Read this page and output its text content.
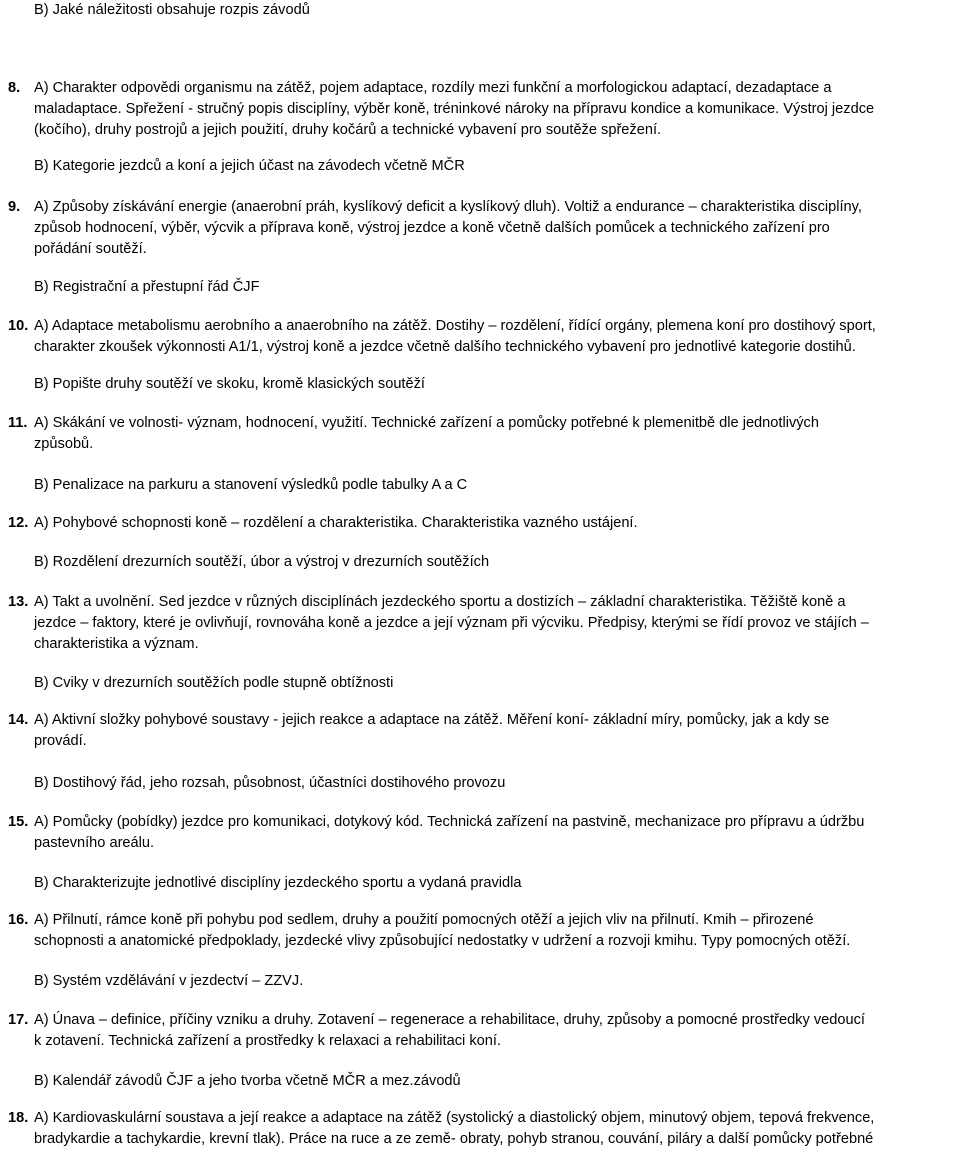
B) Jaké náležitosti obsahuje rozpis závodů
8. A) Charakter odpovědi organismu na zátěž, pojem adaptace, rozdíly mezi funkční a morfologickou adaptací, dezadaptace a

maladaptace. Spřežení - stručný popis disciplíny, výběr koně, tréninkové nároky na přípravu kondice a komunikace. Výstroj jezdce

(kočího), druhy postrojů a jejich použití, druhy kočárů a technické vybavení pro soutěže spřežení.

B) Kategorie jezdců a koní a jejich účast na závodech včetně MČR
9. A) Způsoby získávání energie (anaerobní práh, kyslíkový deficit a kyslíkový dluh). Voltiž a endurance – charakteristika disciplíny,

způsob hodnocení, výběr, výcvik a příprava koně, výstroj jezdce a koně včetně dalších pomůcek a technického zařízení pro

pořádání soutěží.

B) Registrační a přestupní řád ČJF
10. A) Adaptace metabolismu aerobního a anaerobního na zátěž. Dostihy – rozdělení, řídící orgány, plemena koní pro dostihový sport,

charakter zkoušek výkonnosti A1/1, výstroj koně a jezdce včetně dalšího technického vybavení pro jednotlivé kategorie dostihů.

B) Popište druhy soutěží ve skoku, kromě klasických soutěží
11. A) Skákání ve volnosti- význam, hodnocení, využití. Technické zařízení a pomůcky potřebné k plemenitbě dle jednotlivých

způsobů.

B) Penalizace na parkuru a stanovení výsledků podle tabulky A a C
12. A) Pohybové schopnosti koně – rozdělení a charakteristika. Charakteristika vazného ustájení.

B) Rozdělení drezurních soutěží, úbor a výstroj v drezurních soutěžích
13. A) Takt a uvolnění. Sed jezdce v různých disciplínách jezdeckého sportu a dostizích – základní charakteristika. Těžiště koně a

jezdce – faktory, které je ovlivňují, rovnováha koně a jezdce a její význam při výcviku. Předpisy, kterými se řídí provoz ve stájích –

charakteristika a význam.

B) Cviky v drezurních soutěžích podle stupně obtížnosti
14. A) Aktivní složky pohybové soustavy - jejich reakce a adaptace na zátěž. Měření koní- základní míry, pomůcky, jak a kdy se

provádí.

B) Dostihový řád, jeho rozsah, působnost, účastníci dostihového provozu
15. A) Pomůcky (pobídky) jezdce pro komunikaci, dotykový kód. Technická zařízení na pastvině, mechanizace pro přípravu a údržbu

pastevního areálu.

B) Charakterizujte jednotlivé disciplíny jezdeckého sportu a vydaná pravidla
16. A) Přilnutí, rámce koně při pohybu pod sedlem, druhy a použití pomocných otěží a jejich vliv na přilnutí. Kmih – přirozené

schopnosti a anatomické předpoklady, jezdecké vlivy způsobující nedostatky v udržení a rozvoji kmihu. Typy pomocných otěží.

B) Systém vzdělávání v jezdectví – ZZVJ.
17. A) Únava – definice, příčiny vzniku a druhy. Zotavení – regenerace a rehabilitace, druhy, způsoby a pomocné prostředky vedoucí

k zotavení. Technická zařízení a prostředky k relaxaci a rehabilitaci koní.

B) Kalendář závodů ČJF a jeho tvorba včetně MČR a mez.závodů
18. A) Kardiovaskulární soustava a její reakce a adaptace na zátěž (systolický a diastolický objem, minutový objem, tepová frekvence,

bradykardie a tachykardie, krevní tlak). Práce na ruce a ze země- obraty, pohyb stranou, couvání, piláry a další pomůcky potřebné
